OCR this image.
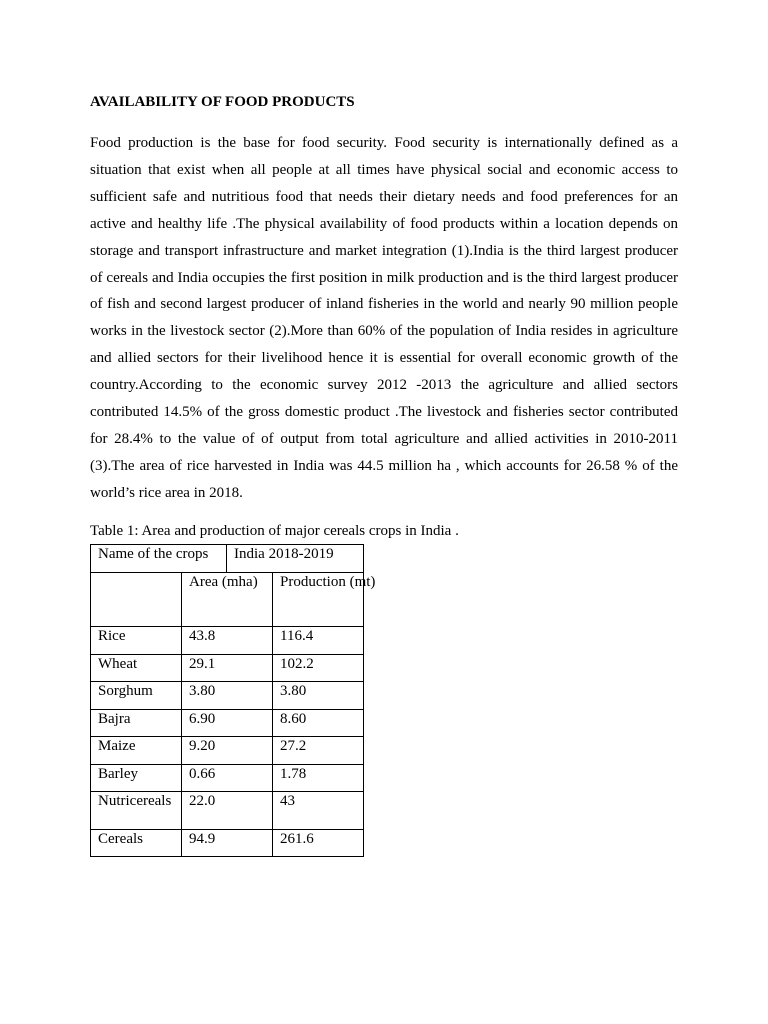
AVAILABILITY OF FOOD PRODUCTS

Food production is the base for food security. Food security is internationally defined as a situation that exist when all people at all times have physical social and economic access to sufficient safe and nutritious food that needs their dietary needs and food preferences for an active and healthy life .The physical availability of food products within a location depends on storage and transport infrastructure and market integration (1).India is the third largest producer of cereals and India occupies the first position in milk production and is the third largest producer of fish and second largest producer of inland fisheries in the world and nearly 90 million people works in the livestock sector (2).More than 60% of the population of India resides in agriculture and allied sectors for their livelihood hence it is essential for overall economic growth of the country.According to the economic survey 2012 -2013 the agriculture and allied sectors contributed 14.5% of the gross domestic product .The livestock and fisheries sector contributed for 28.4% to the value of of output from total agriculture and allied activities in 2010-2011 (3).The area of rice harvested in India was 44.5 million ha , which accounts for 26.58 % of the world’s rice area in 2018.

Table 1: Area and production of major cereals crops in India .

Name of the crops		India 2018-2019	
	Area (mha)		Production (mt)
Rice	43.8		116.4
Wheat	29.1		102.2
Sorghum	3.80		3.80
Bajra	6.90		8.60
Maize	9.20		27.2
Barley	0.66		1.78
Nutricereals	22.0		43
Cereals	94.9		261.6
